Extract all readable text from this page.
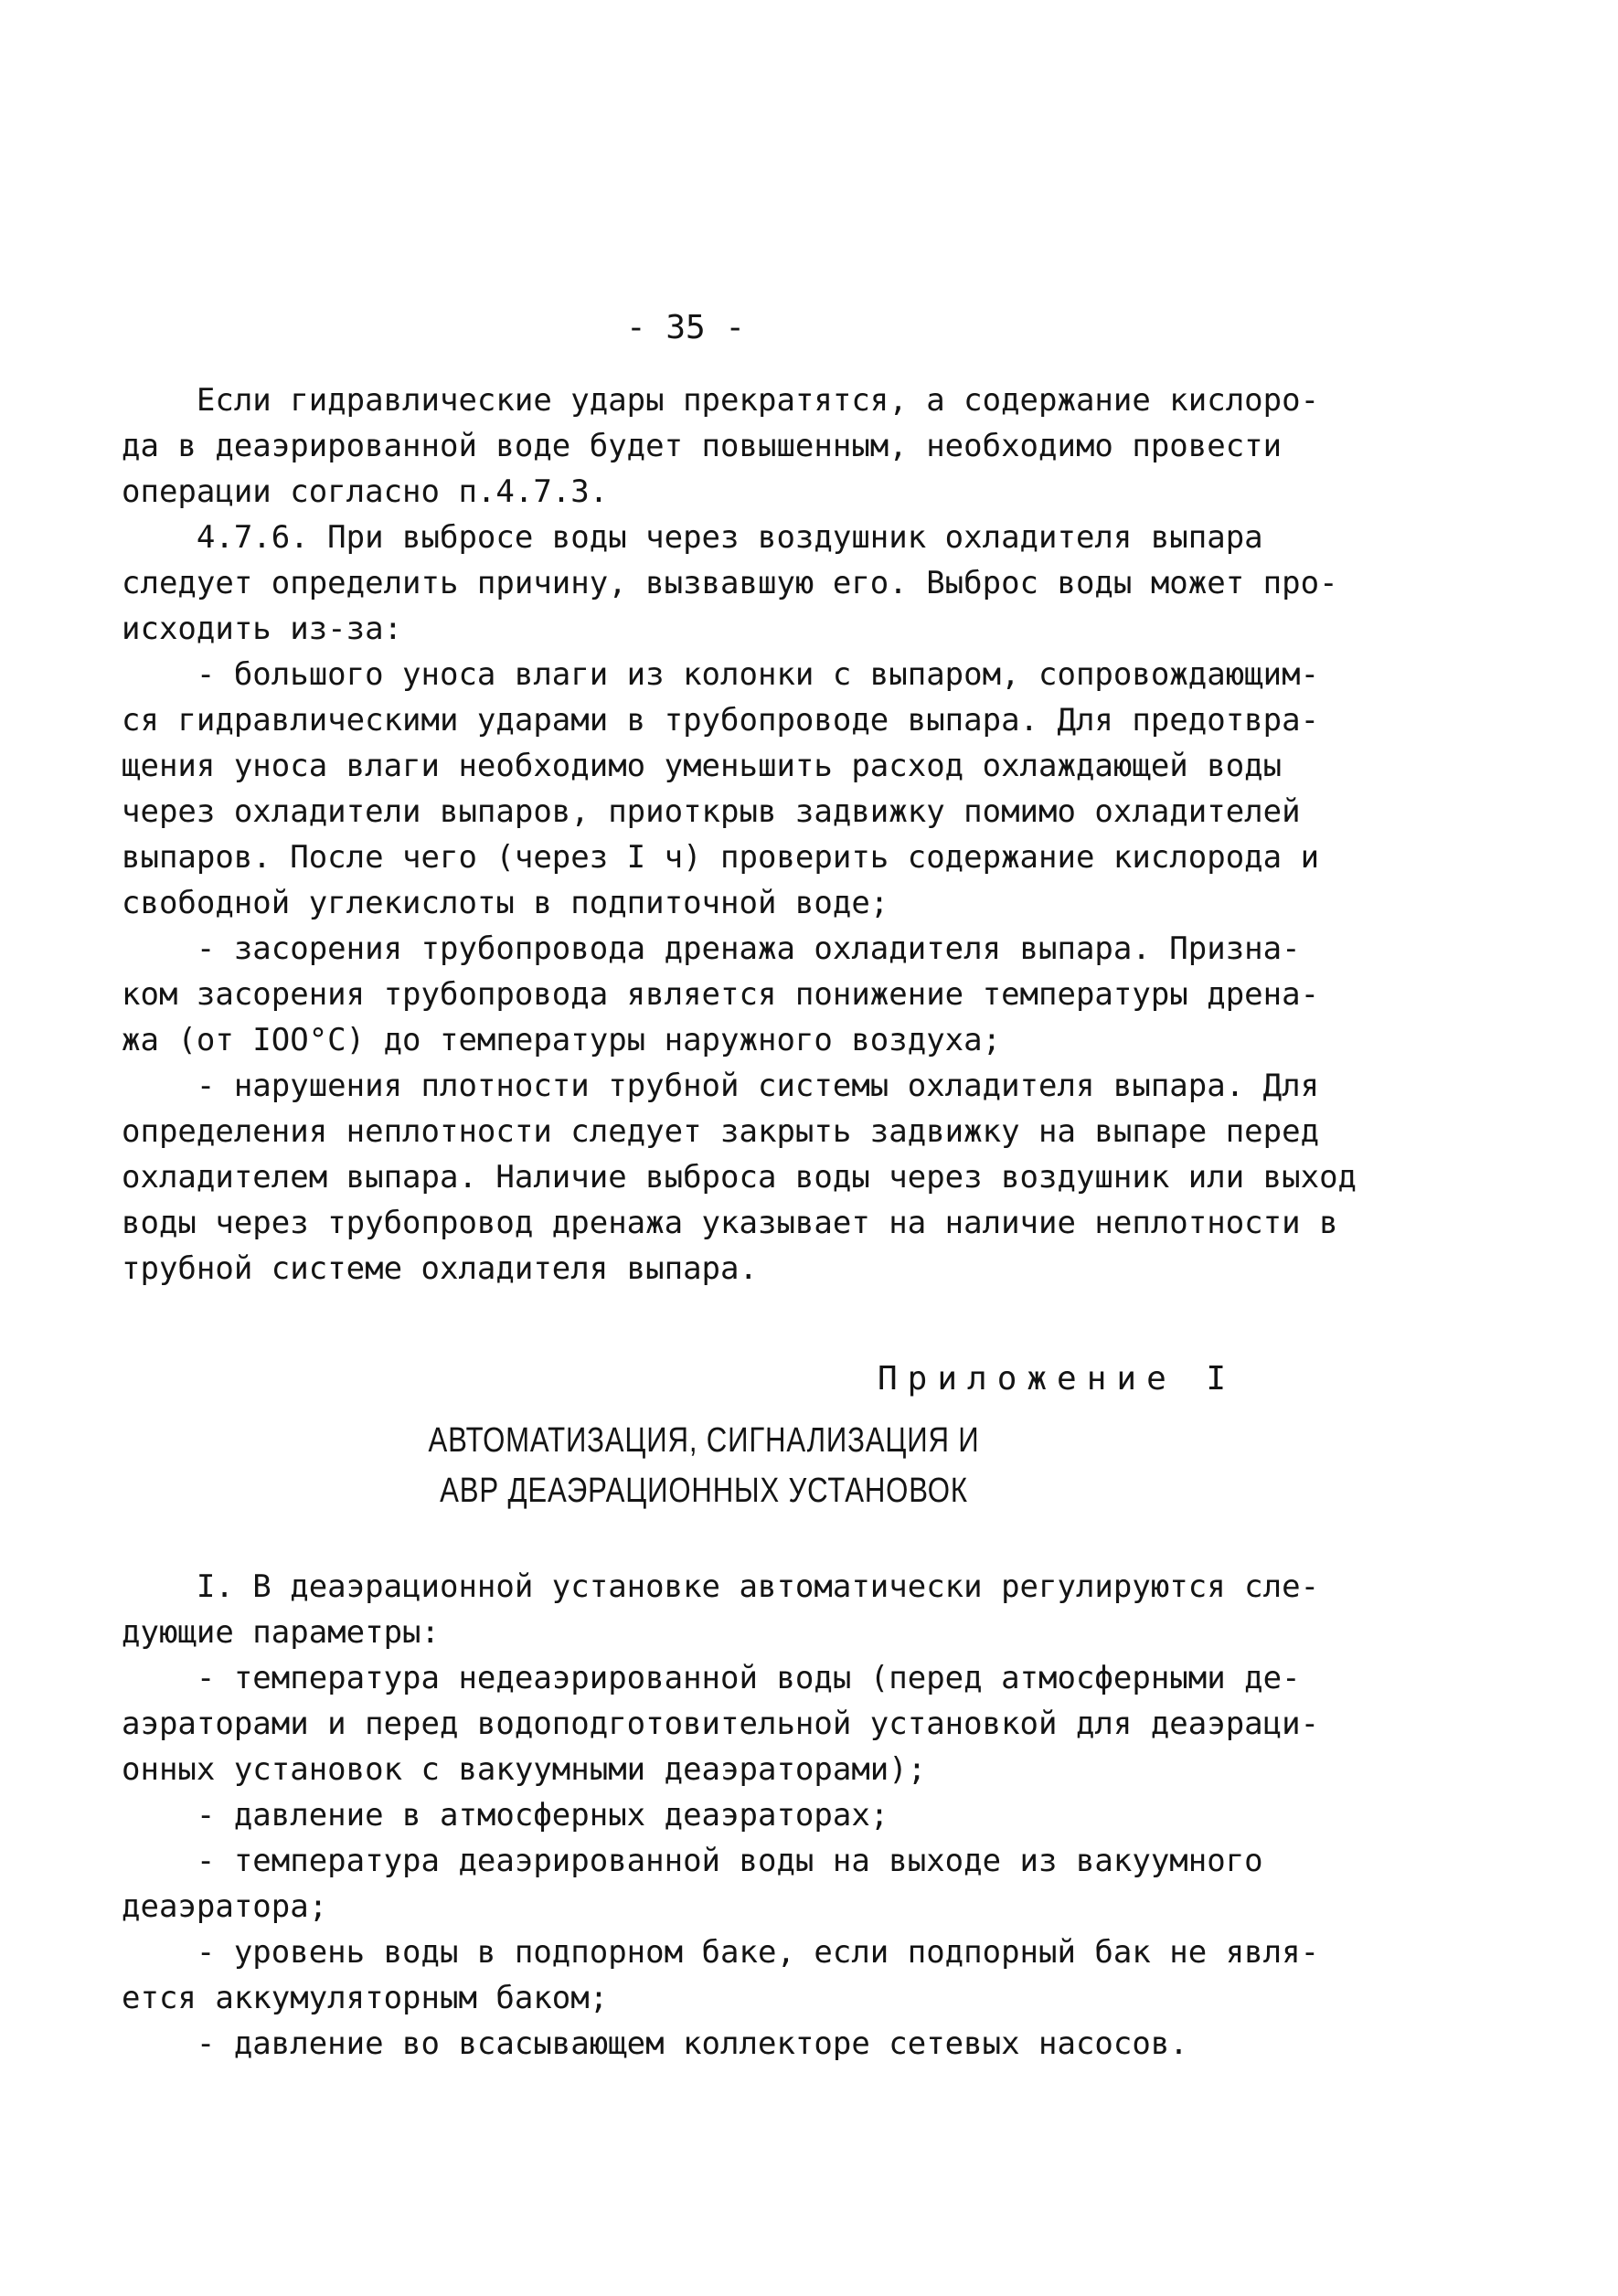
- 35 -
Если гидравлические удары прекратятся, а содержание кислоро-
да в деаэрированной воде будет повышенным, необходимо провести
операции согласно п.4.7.3.
4.7.6. При выбросе воды через воздушник охладителя выпара
следует определить причину, вызвавшую его. Выброс воды может про-
исходить из-за:
- большого уноса влаги из колонки с выпаром, сопровождающим-
ся гидравлическими ударами в трубопроводе выпара. Для предотвра-
щения уноса влаги необходимо уменьшить расход охлаждающей воды
через охладители выпаров, приоткрыв задвижку помимо охладителей
выпаров. После чего (через I ч) проверить содержание кислорода и
свободной углекислоты в подпиточной воде;
- засорения трубопровода дренажа охладителя выпара. Призна-
ком засорения трубопровода является понижение температуры дрена-
жа (от IOO°C) до температуры наружного воздуха;
- нарушения плотности трубной системы охладителя выпара. Для
определения неплотности следует закрыть задвижку на выпаре перед
охладителем выпара. Наличие выброса воды через воздушник или выход
воды через трубопровод дренажа указывает на наличие неплотности в
трубной системе охладителя выпара.
Приложение I
АВТОМАТИЗАЦИЯ, СИГНАЛИЗАЦИЯ И
АВР ДЕАЭРАЦИОННЫХ УСТАНОВОК
I. В деаэрационной установке автоматически регулируются сле-
дующие параметры:
- температура недеаэрированной воды (перед атмосферными де-
аэраторами и перед водоподготовительной установкой для деаэраци-
онных установок с вакуумными деаэраторами);
- давление в атмосферных деаэраторах;
- температура деаэрированной воды на выходе из вакуумного
деаэратора;
- уровень воды в подпорном баке, если подпорный бак не явля-
ется аккумуляторным баком;
- давление во всасывающем коллекторе сетевых насосов.
